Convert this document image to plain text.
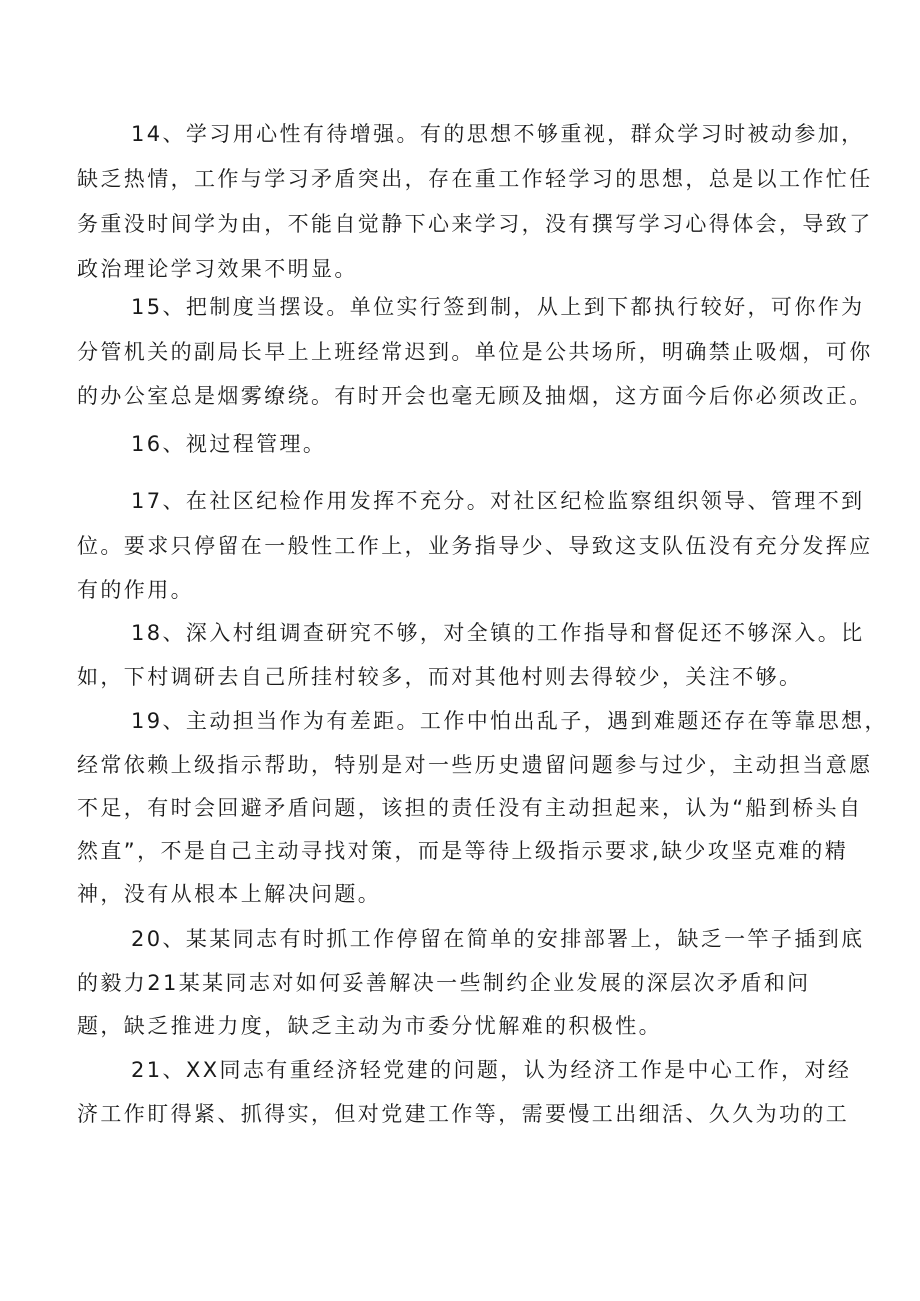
14、学习用心性有待增强。有的思想不够重视，群众学习时被动参加，
缺乏热情，工作与学习矛盾突出，存在重工作轻学习的思想，总是以工作忙任
务重没时间学为由，不能自觉静下心来学习，没有撰写学习心得体会，导致了
政治理论学习效果不明显。
15、把制度当摆设。单位实行签到制，从上到下都执行较好，可你作为
分管机关的副局长早上上班经常迟到。单位是公共场所，明确禁止吸烟，可你
的办公室总是烟雾缭绕。有时开会也毫无顾及抽烟，这方面今后你必须改正。
16、视过程管理。
17、在社区纪检作用发挥不充分。对社区纪检监察组织领导、管理不到
位。要求只停留在一般性工作上，业务指导少、导致这支队伍没有充分发挥应
有的作用。
18、深入村组调查研究不够，对全镇的工作指导和督促还不够深入。比
如，下村调研去自己所挂村较多，而对其他村则去得较少，关注不够。
19、主动担当作为有差距。工作中怕出乱子，遇到难题还存在等靠思想，
经常依赖上级指示帮助，特别是对一些历史遗留问题参与过少，主动担当意愿
不足，有时会回避矛盾问题，该担的责任没有主动担起来，认为“船到桥头自
然直”，不是自己主动寻找对策，而是等待上级指示要求,缺少攻坚克难的精
神，没有从根本上解决问题。
20、某某同志有时抓工作停留在简单的安排部署上，缺乏一竿子插到底
的毅力21某某同志对如何妥善解决一些制约企业发展的深层次矛盾和问
题，缺乏推进力度，缺乏主动为市委分忧解难的积极性。
21、XX同志有重经济轻党建的问题，认为经济工作是中心工作，对经
济工作盯得紧、抓得实，但对党建工作等，需要慢工出细活、久久为功的工
